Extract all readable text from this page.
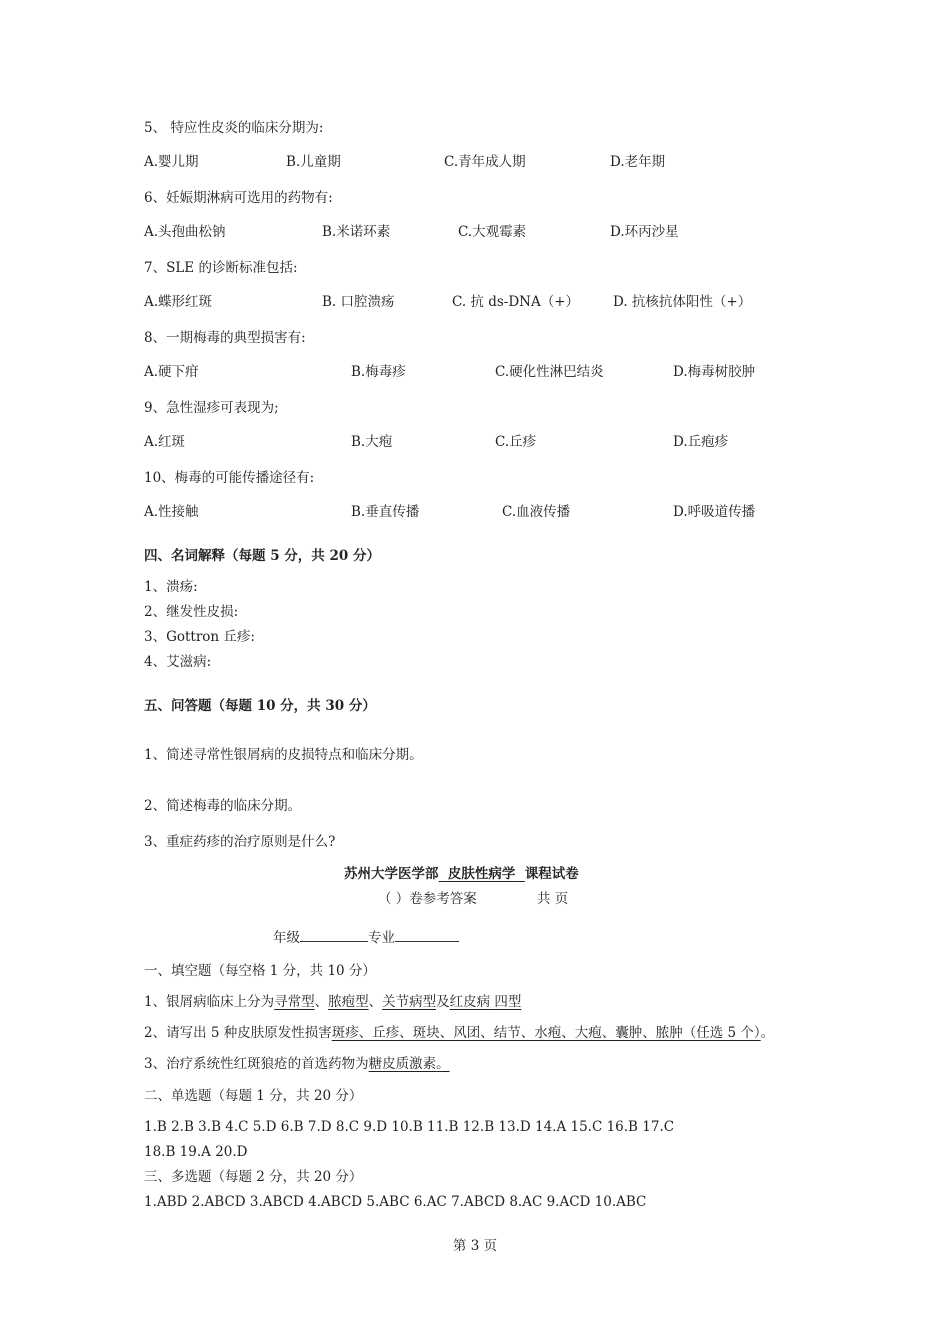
5、 特应性皮炎的临床分期为:
A.婴儿期	B.儿童期	C.青年成人期	D.老年期
6、妊娠期淋病可选用的药物有:
A.头孢曲松钠	B.米诺环素	C.大观霉素	D.环丙沙星
7、SLE 的诊断标准包括:
A.蝶形红斑	B. 口腔溃疡	C. 抗 ds-DNA（+）	D. 抗核抗体阳性（+）
8、一期梅毒的典型损害有:
A.硬下疳	B.梅毒疹	C.硬化性淋巴结炎	D.梅毒树胶肿
9、急性湿疹可表现为;
A.红斑	B.大疱	C.丘疹	D.丘疱疹
10、梅毒的可能传播途径有:
A.性接触	B.垂直传播	C.血液传播	D.呼吸道传播
四、名词解释（每题 5 分，共 20 分）
1、溃疡:
2、继发性皮损:
3、Gottron 丘疹:
4、艾滋病:
五、问答题（每题 10 分，共 30 分）
1、简述寻常性银屑病的皮损特点和临床分期。
2、简述梅毒的临床分期。
3、重症药疹的治疗原则是什么?
苏州大学医学部 皮肤性病学 课程试卷
（ ）卷参考答案	共 页
年级	专业
一、填空题（每空格 1 分，共 10 分）
1、银屑病临床上分为寻常型、脓疱型、关节病型及红皮病 四型
2、请写出 5 种皮肤原发性损害斑疹、丘疹、斑块、风团、结节、水疱、大疱、囊肿、脓肿（任选 5 个）。
3、治疗系统性红斑狼疮的首选药物为糖皮质激素。
二、单选题（每题 1 分，共 20 分）
1.B 2.B 3.B 4.C 5.D 6.B 7.D 8.C 9.D 10.B 11.B 12.B 13.D 14.A 15.C 16.B 17.C
18.B 19.A 20.D
三、多选题（每题 2 分，共 20 分）
1.ABD 2.ABCD 3.ABCD 4.ABCD 5.ABC 6.AC 7.ABCD 8.AC 9.ACD 10.ABC
第 3 页
